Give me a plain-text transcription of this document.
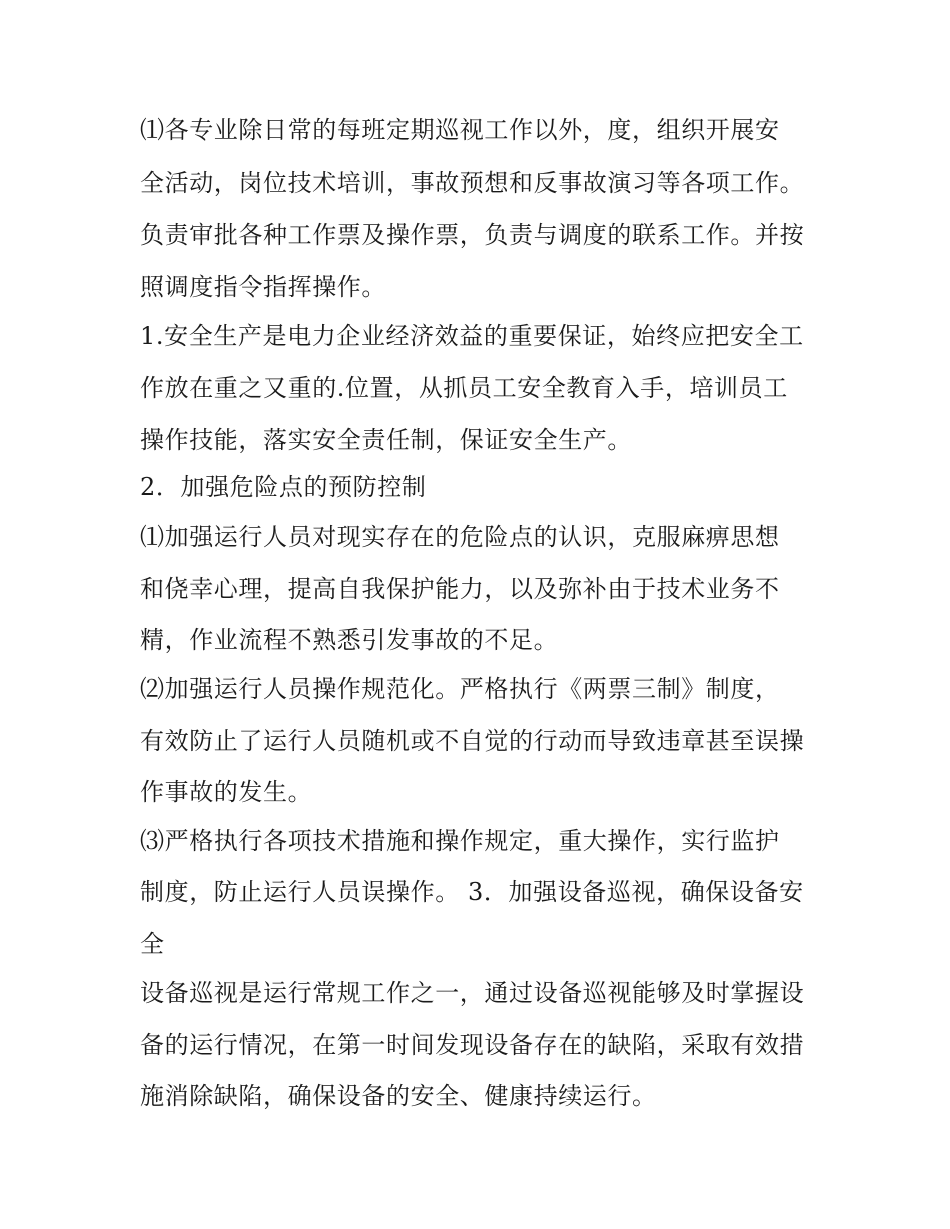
⑴各专业除日常的每班定期巡视工作以外，度，组织开展安
全活动，岗位技术培训，事故预想和反事故演习等各项工作。
负责审批各种工作票及操作票，负责与调度的联系工作。并按
照调度指令指挥操作。
1.安全生产是电力企业经济效益的重要保证，始终应把安全工
作放在重之又重的.位置，从抓员工安全教育入手，培训员工
操作技能，落实安全责任制，保证安全生产。
2．加强危险点的预防控制
⑴加强运行人员对现实存在的危险点的认识，克服麻痹思想
和侥幸心理，提高自我保护能力，以及弥补由于技术业务不
精，作业流程不熟悉引发事故的不足。
⑵加强运行人员操作规范化。严格执行《两票三制》制度，
有效防止了运行人员随机或不自觉的行动而导致违章甚至误操
作事故的发生。
⑶严格执行各项技术措施和操作规定，重大操作，实行监护
制度，防止运行人员误操作。 3．加强设备巡视，确保设备安
全
设备巡视是运行常规工作之一，通过设备巡视能够及时掌握设
备的运行情况，在第一时间发现设备存在的缺陷，采取有效措
施消除缺陷，确保设备的安全、健康持续运行。
